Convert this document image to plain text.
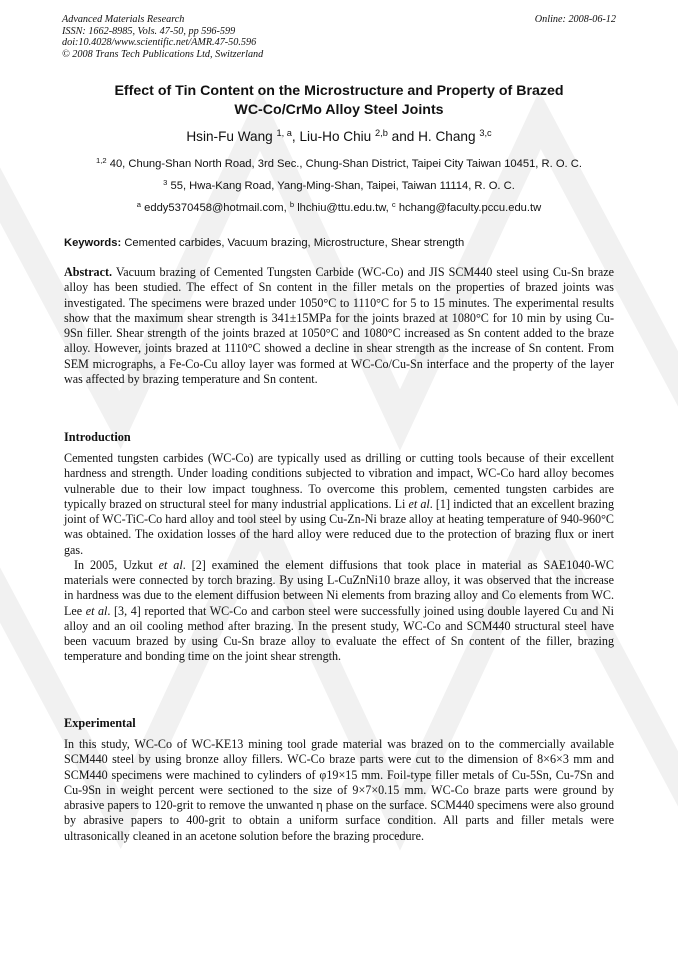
Advanced Materials Research
ISSN: 1662-8985, Vols. 47-50, pp 596-599
doi:10.4028/www.scientific.net/AMR.47-50.596
© 2008 Trans Tech Publications Ltd, Switzerland
Online: 2008-06-12
Effect of Tin Content on the Microstructure and Property of Brazed
WC-Co/CrMo Alloy Steel Joints
Hsin-Fu Wang $^{1, a}$, Liu-Ho Chiu $^{2,b}$ and H. Chang $^{3,c}$
$^{1,2}$ 40, Chung-Shan North Road, 3rd Sec., Chung-Shan District, Taipei City Taiwan 10451, R. O. C.
$^3$ 55, Hwa-Kang Road, Yang-Ming-Shan, Taipei, Taiwan 11114, R. O. C.
$^a$ eddy5370458@hotmail.com, $^b$ lhchiu@ttu.edu.tw, $^c$ hchang@faculty.pccu.edu.tw
Keywords: Cemented carbides, Vacuum brazing, Microstructure, Shear strength

Abstract. Vacuum brazing of Cemented Tungsten Carbide (WC-Co) and JIS SCM440 steel using Cu-Sn braze alloy has been studied. The effect of Sn content in the filler metals on the properties of brazed joints was investigated. The specimens were brazed under 1050°C to 1110°C for 5 to 15 minutes. The experimental results show that the maximum shear strength is 341±15MPa for the joints brazed at 1080°C for 10 min by using Cu-9Sn filler. Shear strength of the joints brazed at 1050°C and 1080°C increased as Sn content added to the braze alloy. However, joints brazed at 1110°C showed a decline in shear strength as the increase of Sn content. From SEM micrographs, a Fe-Co-Cu alloy layer was formed at WC-Co/Cu-Sn interface and the property of the layer was affected by brazing temperature and Sn content.

Introduction

Cemented tungsten carbides (WC-Co) are typically used as drilling or cutting tools because of their excellent hardness and strength. Under loading conditions subjected to vibration and impact, WC-Co hard alloy becomes vulnerable due to their low impact toughness. To overcome this problem, cemented tungsten carbides are typically brazed on structural steel for many industrial applications. Li et al. [1] indicted that an excellent brazing joint of WC-TiC-Co hard alloy and tool steel by using Cu-Zn-Ni braze alloy at heating temperature of 940-960°C was obtained. The oxidation losses of the hard alloy were reduced due to the protection of brazing flux or inert gas.

In 2005, Uzkut et al. [2] examined the element diffusions that took place in material as SAE1040-WC materials were connected by torch brazing. By using L-CuZnNi10 braze alloy, it was observed that the increase in hardness was due to the element diffusion between Ni elements from brazing alloy and Co elements from WC. Lee et al. [3, 4] reported that WC-Co and carbon steel were successfully joined using double layered Cu and Ni alloy and an oil cooling method after brazing. In the present study, WC-Co and SCM440 structural steel have been vacuum brazed by using Cu-Sn braze alloy to evaluate the effect of Sn content of the filler, brazing temperature and bonding time on the joint shear strength.

Experimental

In this study, WC-Co of WC-KE13 mining tool grade material was brazed on to the commercially available SCM440 steel by using bronze alloy fillers. WC-Co braze parts were cut to the dimension of 8×6×3 mm and SCM440 specimens were machined to cylinders of φ19×15 mm. Foil-type filler metals of Cu-5Sn, Cu-7Sn and Cu-9Sn in weight percent were sectioned to the size of 9×7×0.15 mm. WC-Co braze parts were ground by abrasive papers to 120-grit to remove the unwanted η phase on the surface. SCM440 specimens were also ground by abrasive papers to 400-grit to obtain a uniform surface condition. All parts and filler metals were ultrasonically cleaned in an acetone solution before the brazing procedure.
